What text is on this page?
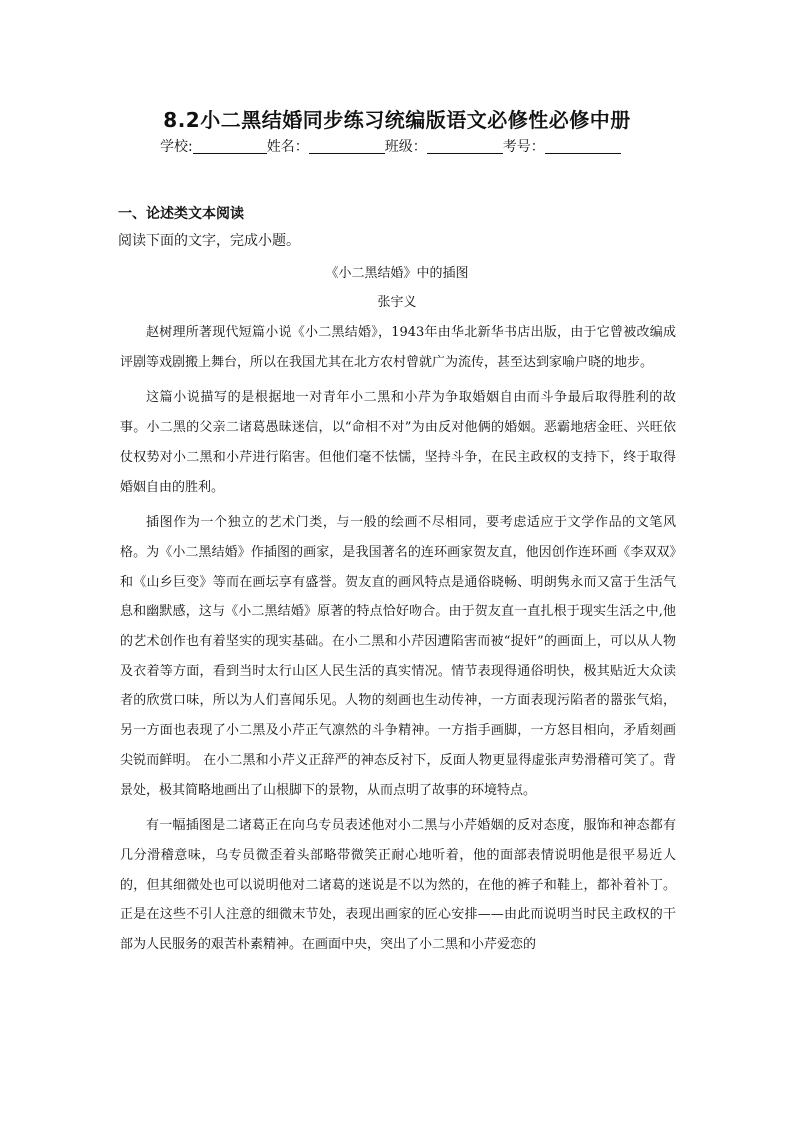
8.2小二黑结婚同步练习统编版语文必修性必修中册
学校:	姓名：	班级：	考号：
一、论述类文本阅读
阅读下面的文字，完成小题。
《小二黑结婚》中的插图
张宇义

赵树理所著现代短篇小说《小二黑结婚》，1943年由华北新华书店出版，由于它曾被改编成评剧等戏剧搬上舞台，所以在我国尤其在北方农村曾就广为流传，甚至达到家喻户晓的地步。

这篇小说描写的是根据地一对青年小二黑和小芹为争取婚姻自由而斗争最后取得胜利的故事。小二黑的父亲二诸葛愚昧迷信，以“命相不对”为由反对他俩的婚姻。恶霸地痞金旺、兴旺依仗权势对小二黑和小芹进行陷害。但他们毫不怯懦，坚持斗争，在民主政权的支持下，终于取得婚姻自由的胜利。

插图作为一个独立的艺术门类，与一般的绘画不尽相同，要考虑适应于文学作品的文笔风格。为《小二黑结婚》作插图的画家，是我国著名的连环画家贺友直，他因创作连环画《李双双》和《山乡巨变》等而在画坛享有盛誉。贺友直的画风特点是通俗晓畅、明朗隽永而又富于生活气息和幽默感，这与《小二黑结婚》原著的特点恰好吻合。由于贺友直一直扎根于现实生活之中,他的艺术创作也有着坚实的现实基础。在小二黑和小芹因遭陷害而被“捉奸”的画面上，可以从人物及衣着等方面，看到当时太行山区人民生活的真实情况。情节表现得通俗明快，极其贴近大众读者的欣赏口味，所以为人们喜闻乐见。人物的刻画也生动传神，一方面表现污陷者的嚣张气焰，另一方面也表现了小二黑及小芹正气凛然的斗争精神。一方指手画脚，一方怒目相向，矛盾刻画尖锐而鲜明。 在小二黑和小芹义正辞严的神态反衬下，反面人物更显得虚张声势滑稽可笑了。背景处，极其简略地画出了山根脚下的景物，从而点明了故事的环境特点。

有一幅插图是二诸葛正在向乌专员表述他对小二黑与小芹婚姻的反对态度，服饰和神态都有几分滑稽意味，乌专员微歪着头部略带微笑正耐心地听着，他的面部表情说明他是很平易近人的，但其细微处也可以说明他对二诸葛的迷说是不以为然的，在他的裤子和鞋上，都补着补丁。正是在这些不引人注意的细微末节处，表现出画家的匠心安排——由此而说明当时民主政权的干部为人民服务的艰苦朴素精神。在画面中央，突出了小二黑和小芹爱恋的
